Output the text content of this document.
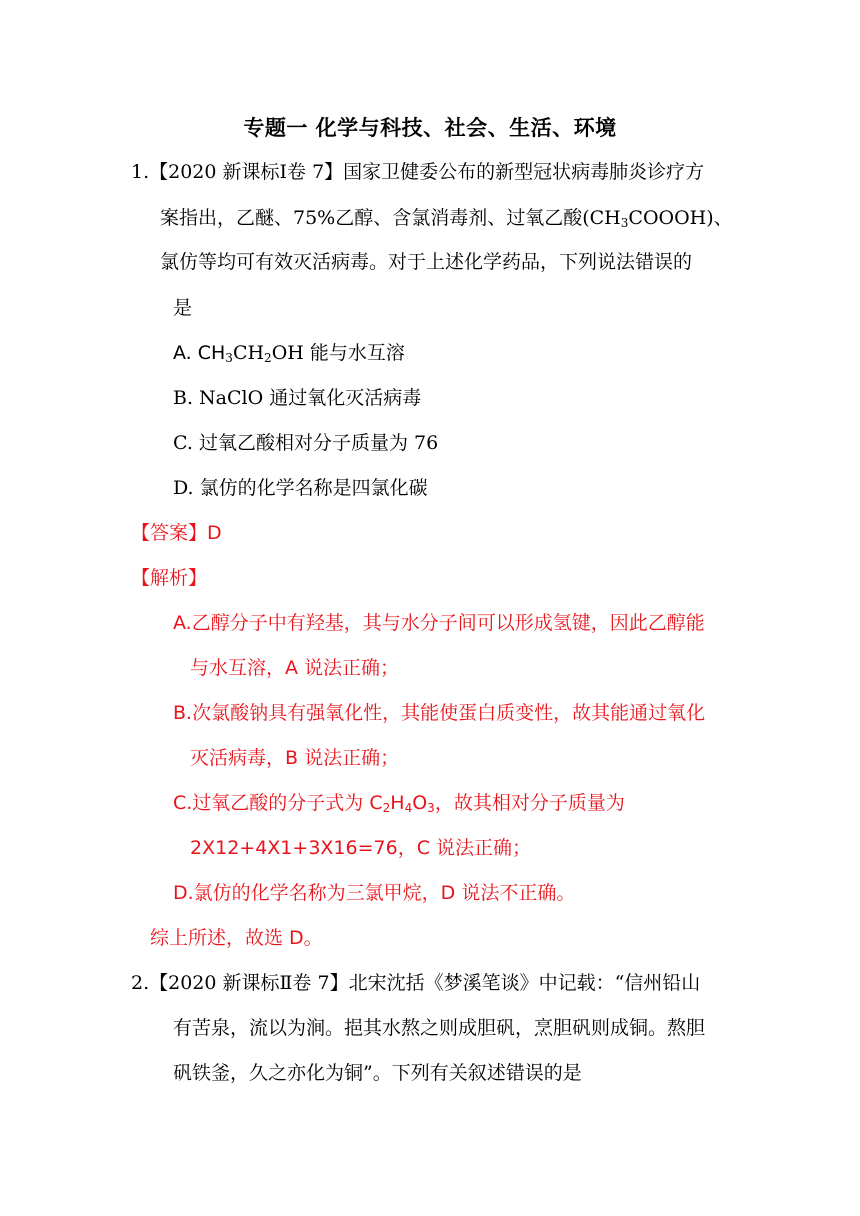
专题一 化学与科技、社会、生活、环境
1.【2020 新课标Ⅰ卷 7】国家卫健委公布的新型冠状病毒肺炎诊疗方
案指出，乙醚、75%乙醇、含氯消毒剂、过氧乙酸$(CH_3COOOH)$、
氯仿等均可有效灭活病毒。对于上述化学药品，下列说法错误的
是
A. $CH_3CH_2OH$ 能与水互溶
B. NaClO 通过氧化灭活病毒
C. 过氧乙酸相对分子质量为 76
D. 氯仿的化学名称是四氯化碳
【答案】D
【解析】
A.乙醇分子中有羟基，其与水分子间可以形成氢键，因此乙醇能
与水互溶，A 说法正确；
B.次氯酸钠具有强氧化性，其能使蛋白质变性，故其能通过氧化
灭活病毒，B 说法正确；
C.过氧乙酸的分子式为 $C_2H_4O_3$，故其相对分子质量为
2X12+4X1+3X16=76，C 说法正确；
D.氯仿的化学名称为三氯甲烷，D 说法不正确。
综上所述，故选 D。
2.【2020 新课标Ⅱ卷 7】北宋沈括《梦溪笔谈》中记载：“信州铅山
有苦泉，流以为涧。挹其水熬之则成胆矾，烹胆矾则成铜。熬胆
矾铁釜，久之亦化为铜”。下列有关叙述错误的是
